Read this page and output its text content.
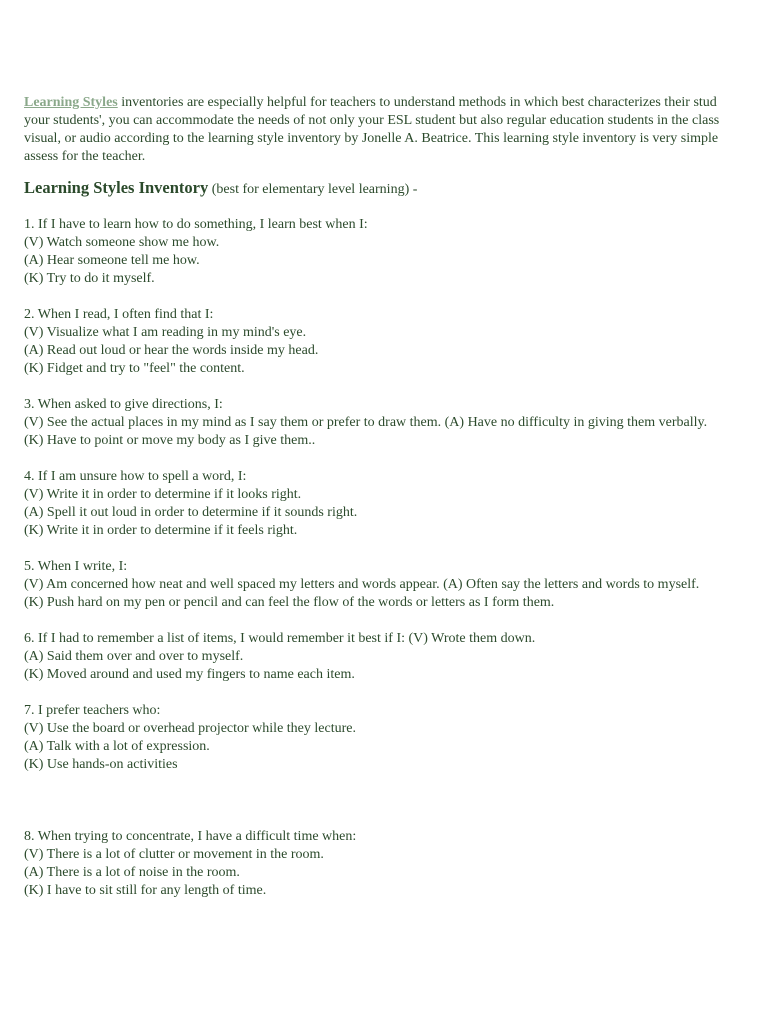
Learning Styles inventories are especially helpful for teachers to understand methods in which best characterizes their stud
your students', you can accommodate the needs of not only your ESL student but also regular education students in the class
visual, or audio according to the learning style inventory by Jonelle A. Beatrice. This learning style inventory is very simple
assess for the teacher.
Learning Styles Inventory (best for elementary level learning) -
1. If I have to learn how to do something, I learn best when I:
(V) Watch someone show me how.
(A) Hear someone tell me how.
(K) Try to do it myself.
2. When I read, I often find that I:
(V) Visualize what I am reading in my mind's eye.
(A) Read out loud or hear the words inside my head.
(K) Fidget and try to "feel" the content.
3. When asked to give directions, I:
(V) See the actual places in my mind as I say them or prefer to draw them. (A) Have no difficulty in giving them verbally.
(K) Have to point or move my body as I give them..
4. If I am unsure how to spell a word, I:
(V) Write it in order to determine if it looks right.
(A) Spell it out loud in order to determine if it sounds right.
(K) Write it in order to determine if it feels right.
5. When I write, I:
(V) Am concerned how neat and well spaced my letters and words appear. (A) Often say the letters and words to myself.
(K) Push hard on my pen or pencil and can feel the flow of the words or letters as I form them.
6. If I had to remember a list of items, I would remember it best if I: (V) Wrote them down.
(A) Said them over and over to myself.
(K) Moved around and used my fingers to name each item.
7. I prefer teachers who:
(V) Use the board or overhead projector while they lecture.
(A) Talk with a lot of expression.
(K) Use hands-on activities
8. When trying to concentrate, I have a difficult time when:
(V) There is a lot of clutter or movement in the room.
(A) There is a lot of noise in the room.
(K) I have to sit still for any length of time.
